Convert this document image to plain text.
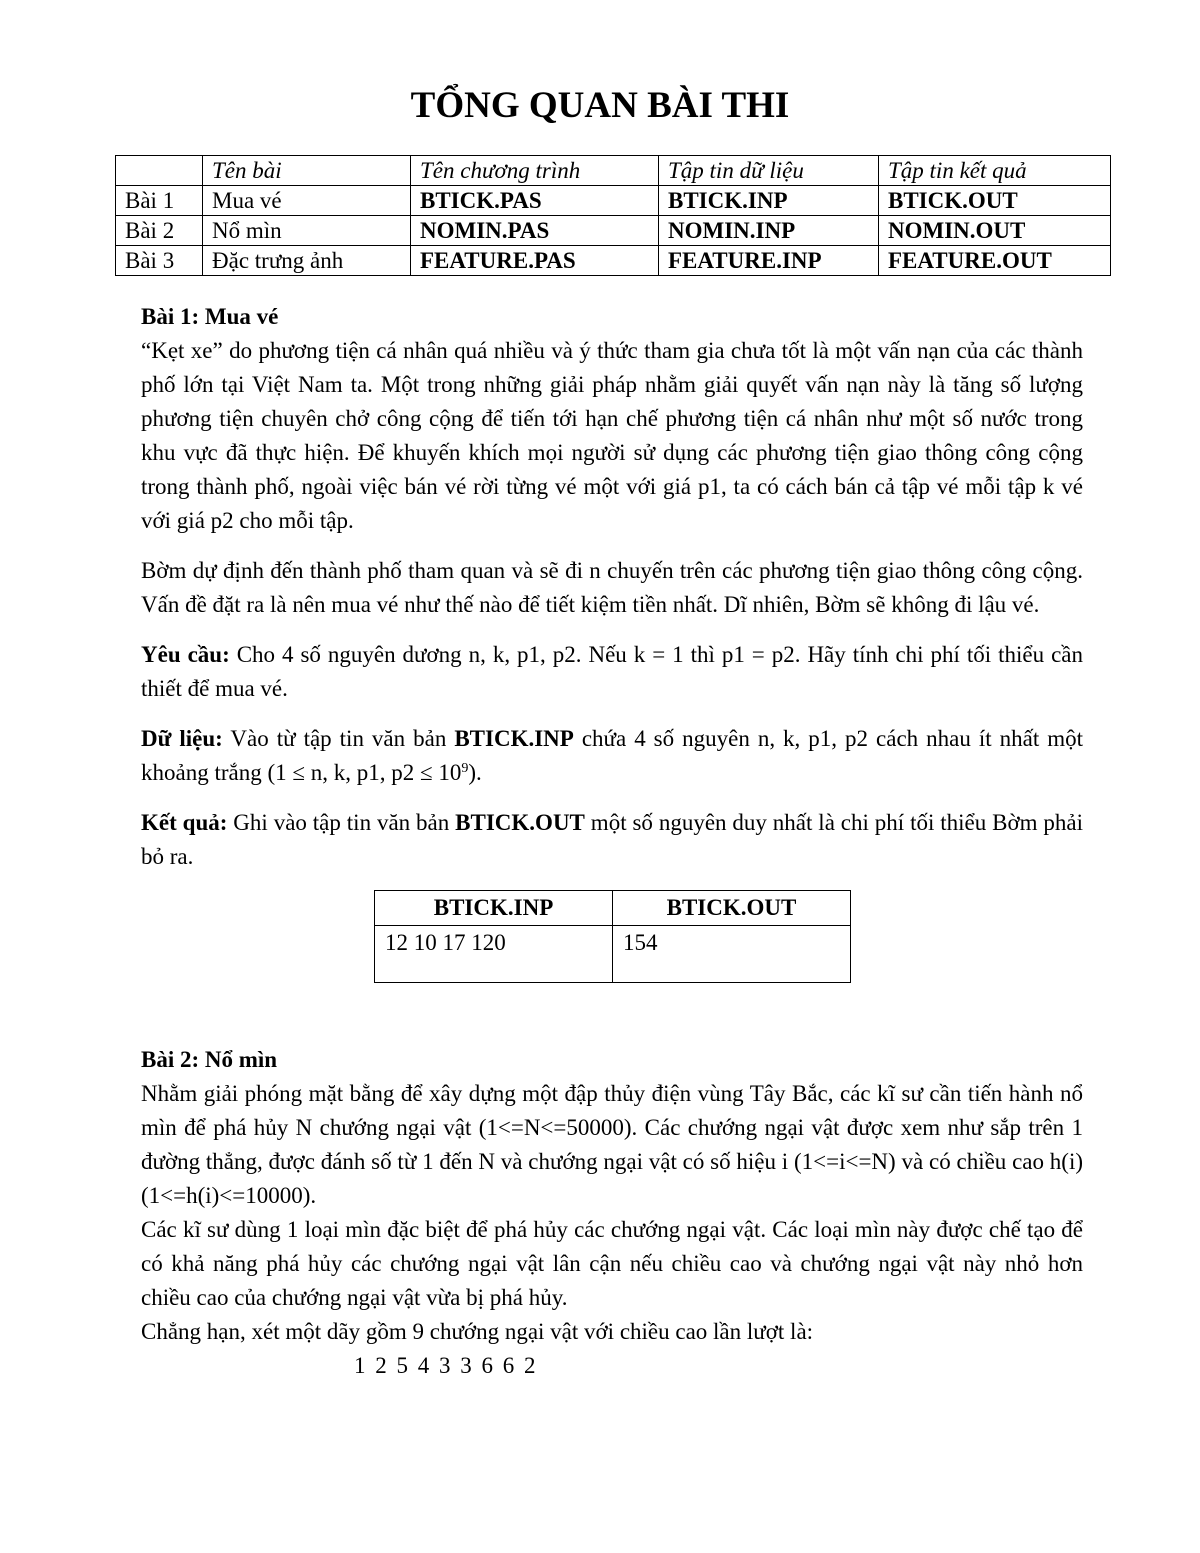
TỔNG QUAN BÀI THI
	Tên bài	Tên chương trình	Tập tin dữ liệu	Tập tin kết quả
Bài 1	Mua vé	BTICK.PAS	BTICK.INP	BTICK.OUT
Bài 2	Nổ mìn	NOMIN.PAS	NOMIN.INP	NOMIN.OUT
Bài 3	Đặc trưng ảnh	FEATURE.PAS	FEATURE.INP	FEATURE.OUT
Bài 1: Mua vé

“Kẹt xe” do phương tiện cá nhân quá nhiều và ý thức tham gia chưa tốt là một vấn nạn của các thành phố lớn tại Việt Nam ta. Một trong những giải pháp nhằm giải quyết vấn nạn này là tăng số lượng phương tiện chuyên chở công cộng để tiến tới hạn chế phương tiện cá nhân như một số nước trong khu vực đã thực hiện. Để khuyến khích mọi người sử dụng các phương tiện giao thông công cộng trong thành phố, ngoài việc bán vé rời từng vé một với giá p1, ta có cách bán cả tập vé mỗi tập k vé với giá p2 cho mỗi tập.

Bờm dự định đến thành phố tham quan và sẽ đi n chuyến trên các phương tiện giao thông công cộng. Vấn đề đặt ra là nên mua vé như thế nào để tiết kiệm tiền nhất. Dĩ nhiên, Bờm sẽ không đi lậu vé.

Yêu cầu: Cho 4 số nguyên dương n, k, p1, p2. Nếu k = 1 thì p1 = p2. Hãy tính chi phí tối thiểu cần thiết để mua vé.

Dữ liệu: Vào từ tập tin văn bản BTICK.INP chứa 4 số nguyên n, k, p1, p2 cách nhau ít nhất một khoảng trắng (1 ≤ n, k, p1, $p2 \le 10^9$).

Kết quả: Ghi vào tập tin văn bản BTICK.OUT một số nguyên duy nhất là chi phí tối thiểu Bờm phải bỏ ra.

BTICK.INP	BTICK.OUT
12 10 17 120	154
Bài 2: Nổ mìn

Nhằm giải phóng mặt bằng để xây dựng một đập thủy điện vùng Tây Bắc, các kĩ sư cần tiến hành nổ mìn để phá hủy N chướng ngại vật (1<=N<=50000). Các chướng ngại vật được xem như sắp trên 1 đường thẳng, được đánh số từ 1 đến N và chướng ngại vật có số hiệu i (1<=i<=N) và có chiều cao h(i) (1<=h(i)<=10000).

Các kĩ sư dùng 1 loại mìn đặc biệt để phá hủy các chướng ngại vật. Các loại mìn này được chế tạo để có khả năng phá hủy các chướng ngại vật lân cận nếu chiều cao và chướng ngại vật này nhỏ hơn chiều cao của chướng ngại vật vừa bị phá hủy.

Chẳng hạn, xét một dãy gồm 9 chướng ngại vật với chiều cao lần lượt là:

1 2 5 4 3 3 6 6 2
